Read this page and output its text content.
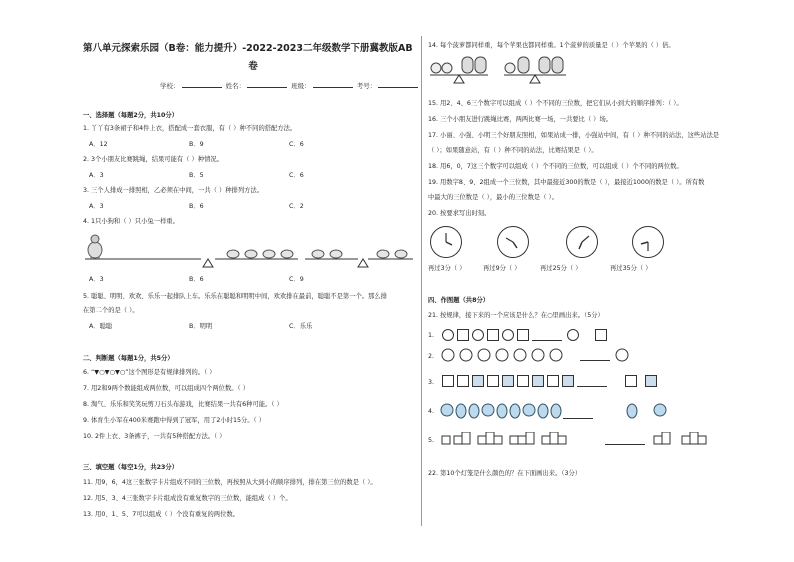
第八单元探索乐园（B卷：能力提升）-2022-2023二年级数学下册冀教版AB
卷
学校：	姓名：	班级：	考号：
一、选择题（每题2分，共10分）
1. 丫丫有3条裙子和4件上衣，搭配成一套衣服，有（ ）种不同的搭配方法。
A．12	B．9	C．6
2. 3个小朋友比赛跳绳，结果可能有（ ）种情况。
A．3	B．5	C．6
3. 三个人排成一排照相，乙必须在中间，一共（ ）种排列方法。
A．3	B．6	C．2
4. 1只小狗和（ ）只小兔一样重。
A．3	B．6	C．9
5. 聪聪、明明、欢欢、乐乐一起排队上车。乐乐在聪聪和明明中间，欢欢排在最前，聪聪不是第一个。那么排
在第二个的是（ ）。
A．聪聪	B．明明	C．乐乐
二、判断题（每题1分，共5分）
6. “▼○▼○▼○”这个图形是有规律排列的。（ ）
7. 用2和9两个数能组成两位数，可以组成四个两位数。（ ）
8. 淘气、乐乐和笑笑玩剪刀石头布游戏，比赛结果一共有6种可能。（ ）
9. 体育生小军在400米赛跑中得到了冠军，用了2小时15分。（ ）
10. 2件上衣、3条裤子，一共有5种搭配方法。（ ）
三、填空题（每空1分，共23分）
11. 用9，6，4这三张数字卡片组成不同的三位数，再按照从大到小的顺序排列，排在第三位的数是（ ）。
12. 用5、3、4三张数字卡片组成没有重复数字的三位数，能组成（ ）个。
13. 用0、1、5、7可以组成（ ）个没有重复的两位数。
14. 每个菠萝都同样重，每个苹果也都同样重。1个菠萝的质量是（ ）个苹果的（ ）倍。
15. 用2、4、6三个数字可以组成（ ）个不同的三位数，把它们从小到大的顺序排列：（ ）。
16. 三个小朋友进行跳绳比赛，两两比赛一场，一共要比（ ）场。
17. 小丽、小强、小明三个好朋友照相，如果站成一排，小强站中间，有（ ）种不同的站法，这些站法是
（ ）；如果随意站，有（ ）种不同的站法，比赛结果是（ ）。
18. 用6，0，7这三个数字可以组成（ ）个不同的三位数，可以组成（ ）个不同的两位数。
19. 用数字8、9、2组成一个三位数，其中最接近300的数是（ ），最接近1000的数是（ ）。所有数
中最大的三位数是（ ），最小的三位数是（ ）。
20. 按要求写出时刻。
再过3分（ ）	再过9分（ ）	再过25分（ ）	再过35分（ ）
四、作图题（共8分）
21. 按规律，接下来的一个应该是什么？在○里画出来。（5分）
1.
2.
3.
4.
5.
22. 第10个灯笼是什么颜色的？在下面画出来。（3分）
